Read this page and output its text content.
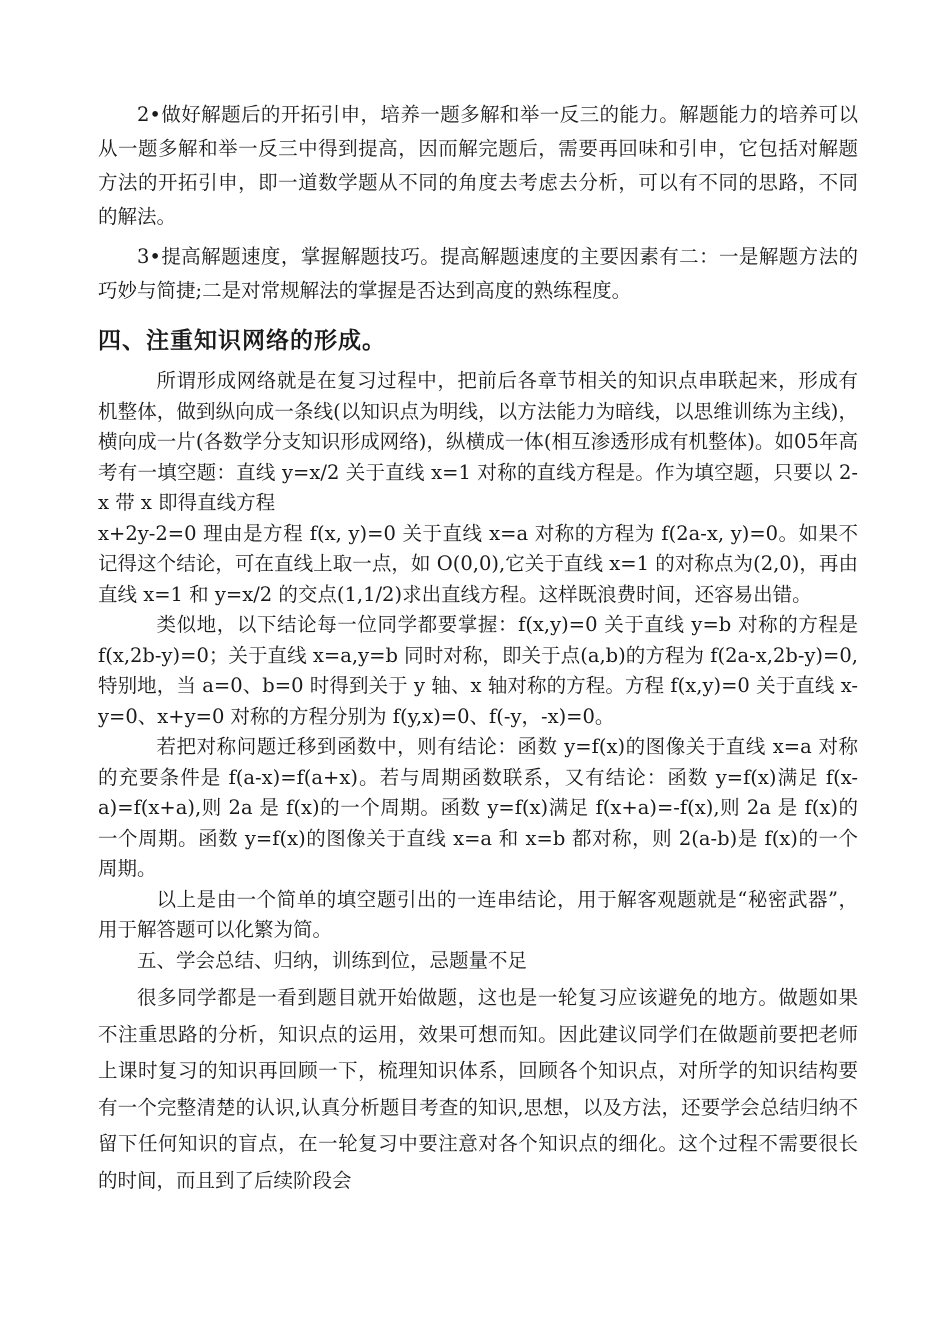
2•做好解题后的开拓引申，培养一题多解和举一反三的能力。解题能力的培养可以从一题多解和举一反三中得到提高，因而解完题后，需要再回味和引申，它包括对解题方法的开拓引申，即一道数学题从不同的角度去考虑去分析，可以有不同的思路，不同的解法。

3•提高解题速度，掌握解题技巧。提高解题速度的主要因素有二：一是解题方法的巧妙与简捷;二是对常规解法的掌握是否达到高度的熟练程度。

四、注重知识网络的形成。

所谓形成网络就是在复习过程中，把前后各章节相关的知识点串联起来，形成有机整体，做到纵向成一条线(以知识点为明线，以方法能力为暗线，以思维训练为主线)，横向成一片(各数学分支知识形成网络)，纵横成一体(相互渗透形成有机整体)。如05年高考有一填空题：直线 y=x/2 关于直线 x=1 对称的直线方程是。作为填空题，只要以 2-x 带 x 即得直线方程

x+2y-2=0 理由是方程 f(x, y)=0 关于直线 x=a 对称的方程为 f(2a-x, y)=0。如果不记得这个结论，可在直线上取一点，如 O(0,0),它关于直线 x=1 的对称点为(2,0)，再由直线 x=1 和 y=x/2 的交点(1,1/2)求出直线方程。这样既浪费时间，还容易出错。

类似地，以下结论每一位同学都要掌握：f(x,y)=0 关于直线 y=b 对称的方程是 f(x,2b-y)=0；关于直线 x=a,y=b 同时对称，即关于点(a,b)的方程为 f(2a-x,2b-y)=0,特别地，当 a=0、b=0 时得到关于 y 轴、x 轴对称的方程。方程 f(x,y)=0 关于直线 x-y=0、x+y=0 对称的方程分别为 f(y,x)=0、f(-y，-x)=0。

若把对称问题迁移到函数中，则有结论：函数 y=f(x)的图像关于直线 x=a 对称的充要条件是 f(a-x)=f(a+x)。若与周期函数联系，又有结论：函数 y=f(x)满足 f(x-a)=f(x+a),则 2a 是 f(x)的一个周期。函数 y=f(x)满足 f(x+a)=-f(x),则 2a 是 f(x)的一个周期。函数 y=f(x)的图像关于直线 x=a 和 x=b 都对称，则 2(a-b)是 f(x)的一个周期。

以上是由一个简单的填空题引出的一连串结论，用于解客观题就是“秘密武器”，用于解答题可以化繁为简。

五、学会总结、归纳，训练到位，忌题量不足

很多同学都是一看到题目就开始做题，这也是一轮复习应该避免的地方。做题如果不注重思路的分析，知识点的运用，效果可想而知。因此建议同学们在做题前要把老师上课时复习的知识再回顾一下，梳理知识体系，回顾各个知识点，对所学的知识结构要有一个完整清楚的认识,认真分析题目考查的知识,思想，以及方法，还要学会总结归纳不留下任何知识的盲点，在一轮复习中要注意对各个知识点的细化。这个过程不需要很长的时间，而且到了后续阶段会
